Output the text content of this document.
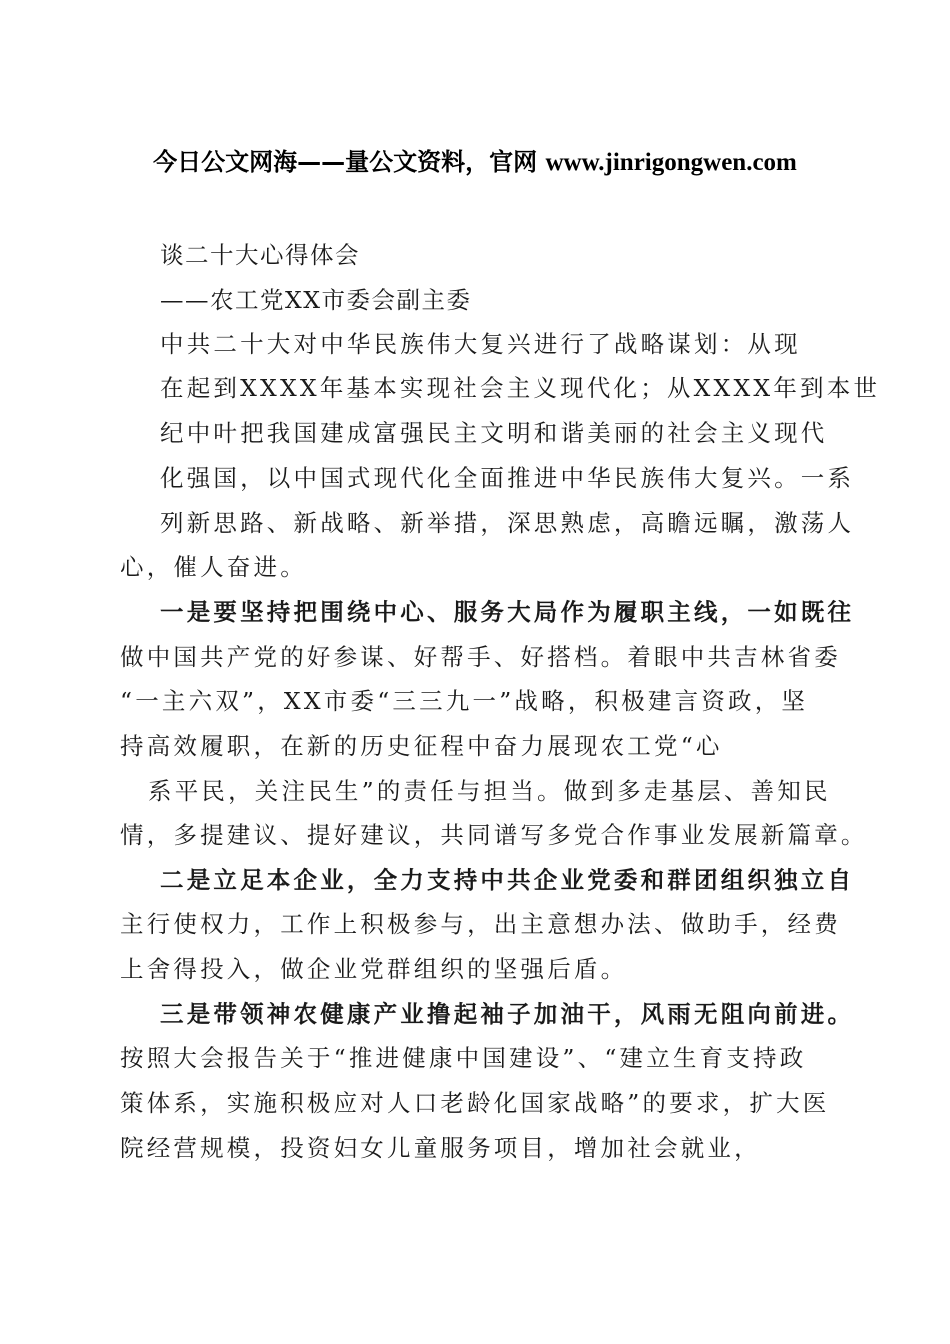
今日公文网海——量公文资料，官网 www.jinrigongwen.com
谈二十大心得体会
——农工党XX市委会副主委
中共二十大对中华民族伟大复兴进行了战略谋划：从现
在起到XXXX年基本实现社会主义现代化；从XXXX年到本世
纪中叶把我国建成富强民主文明和谐美丽的社会主义现代
化强国，以中国式现代化全面推进中华民族伟大复兴。一系
列新思路、新战略、新举措，深思熟虑，高瞻远瞩，激荡人
心，催人奋进。
一是要坚持把围绕中心、服务大局作为履职主线，一如既往
做中国共产党的好参谋、好帮手、好搭档。着眼中共吉林省委
“一主六双”，XX市委“三三九一”战略，积极建言资政，坚
持高效履职，在新的历史征程中奋力展现农工党“心
系平民，关注民生”的责任与担当。做到多走基层、善知民
情，多提建议、提好建议，共同谱写多党合作事业发展新篇章。
二是立足本企业，全力支持中共企业党委和群团组织独立自
主行使权力，工作上积极参与，出主意想办法、做助手，经费
上舍得投入，做企业党群组织的坚强后盾。
三是带领神农健康产业撸起袖子加油干，风雨无阻向前进。
按照大会报告关于“推进健康中国建设”、“建立生育支持政
策体系，实施积极应对人口老龄化国家战略”的要求，扩大医
院经营规模，投资妇女儿童服务项目，增加社会就业，
